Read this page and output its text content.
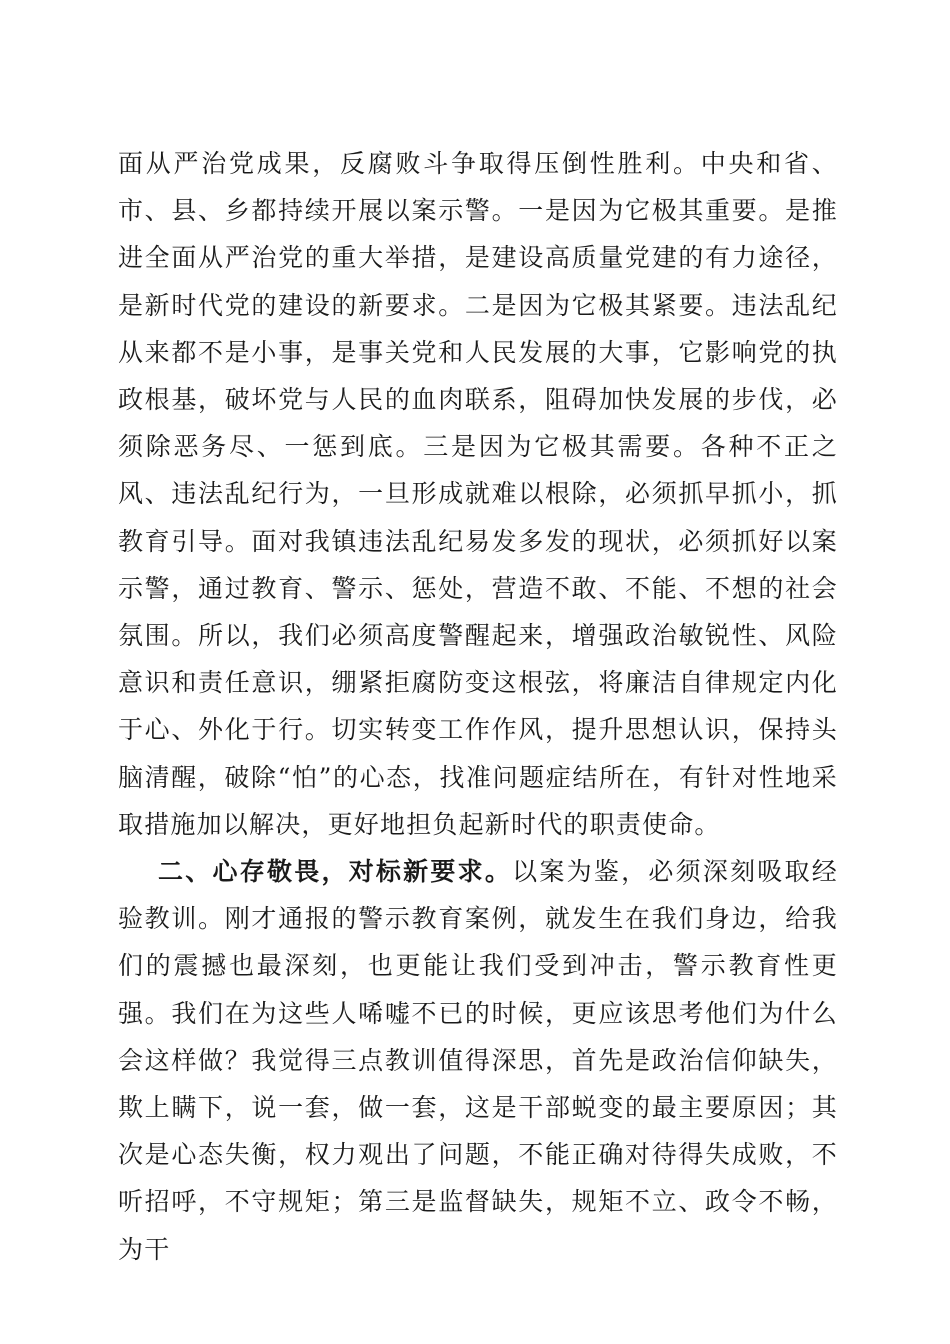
面从严治党成果，反腐败斗争取得压倒性胜利。中央和省、市、县、乡都持续开展以案示警。一是因为它极其重要。是推进全面从严治党的重大举措，是建设高质量党建的有力途径，是新时代党的建设的新要求。二是因为它极其紧要。违法乱纪从来都不是小事，是事关党和人民发展的大事，它影响党的执政根基，破坏党与人民的血肉联系，阻碍加快发展的步伐，必须除恶务尽、一惩到底。三是因为它极其需要。各种不正之风、违法乱纪行为，一旦形成就难以根除，必须抓早抓小，抓教育引导。面对我镇违法乱纪易发多发的现状，必须抓好以案示警，通过教育、警示、惩处，营造不敢、不能、不想的社会氛围。所以，我们必须高度警醒起来，增强政治敏锐性、风险意识和责任意识，绷紧拒腐防变这根弦，将廉洁自律规定内化于心、外化于行。切实转变工作作风，提升思想认识，保持头脑清醒，破除“怕”的心态，找准问题症结所在，有针对性地采取措施加以解决，更好地担负起新时代的职责使命。

二、心存敬畏，对标新要求。以案为鉴，必须深刻吸取经验教训。刚才通报的警示教育案例，就发生在我们身边，给我们的震撼也最深刻，也更能让我们受到冲击，警示教育性更强。我们在为这些人唏嘘不已的时候，更应该思考他们为什么会这样做？我觉得三点教训值得深思，首先是政治信仰缺失，欺上瞒下，说一套，做一套，这是干部蜕变的最主要原因；其次是心态失衡，权力观出了问题，不能正确对待得失成败，不听招呼，不守规矩；第三是监督缺失，规矩不立、政令不畅，为干
